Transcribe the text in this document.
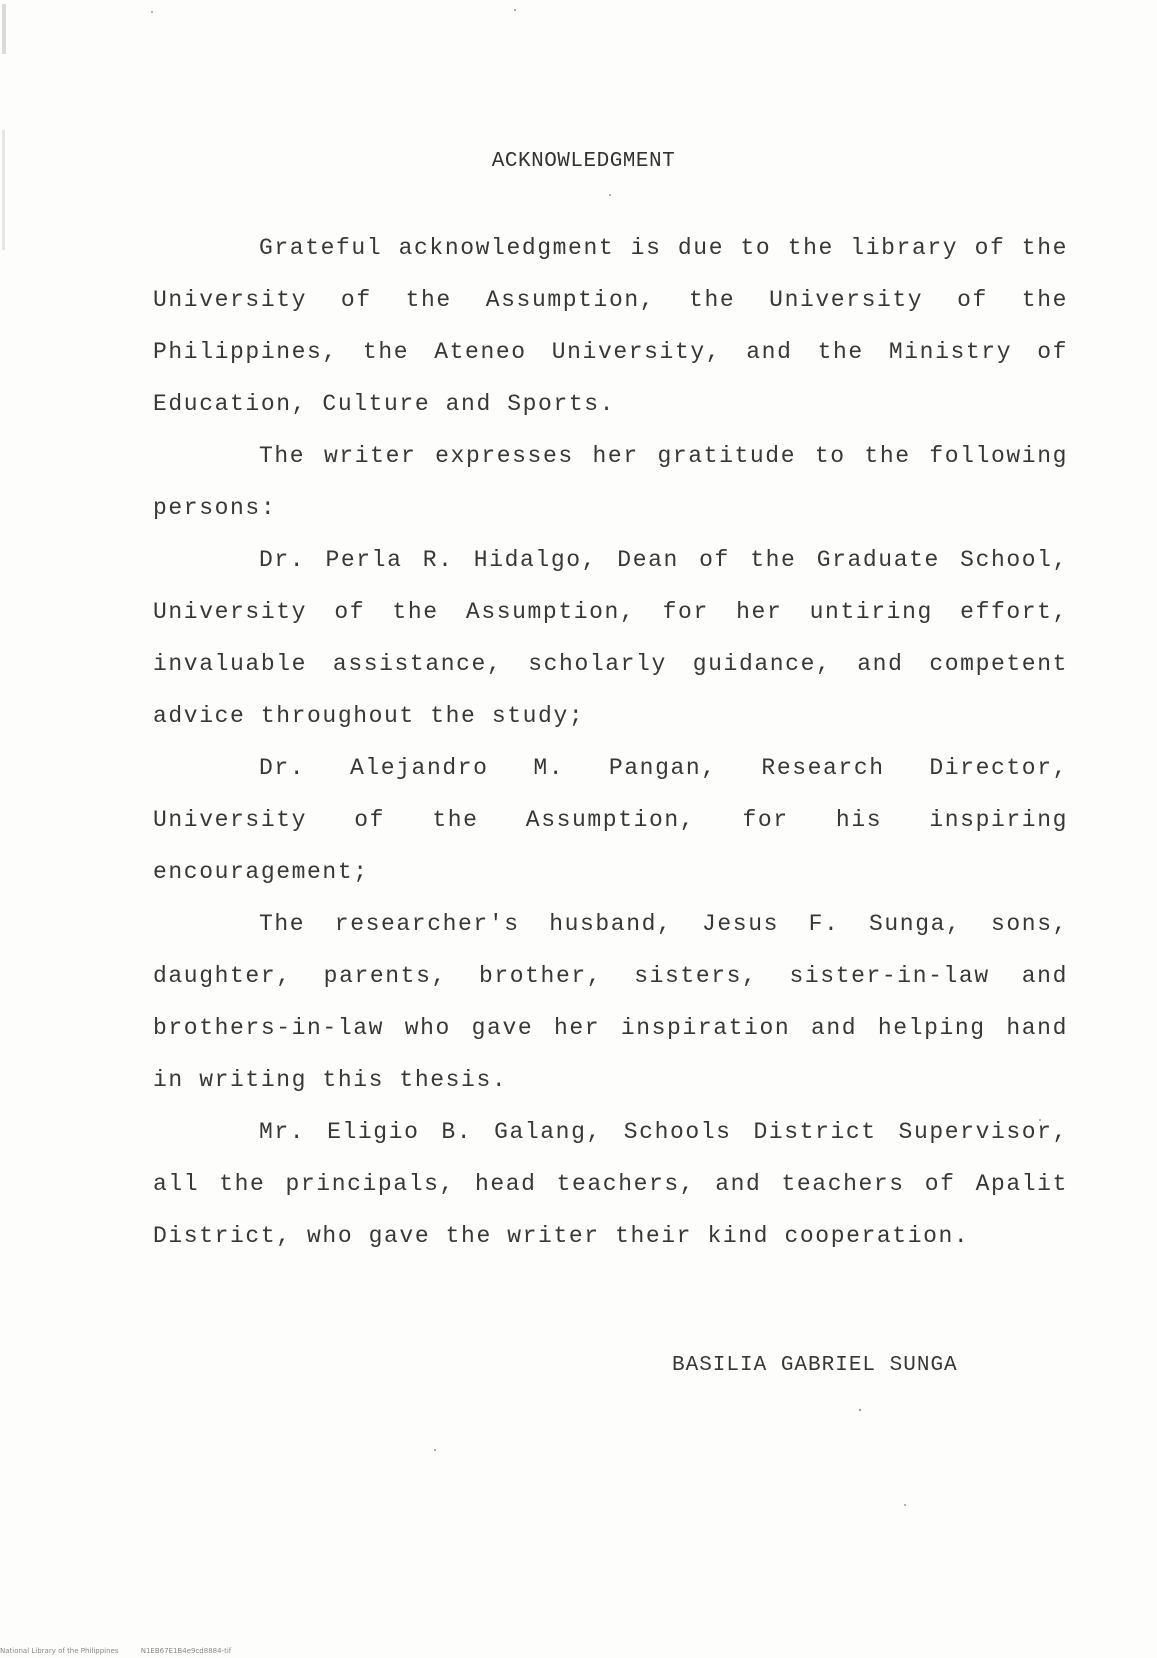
ACKNOWLEDGMENT

Grateful acknowledgment is due to the library of the University of the Assumption, the University of the Philippines, the Ateneo University, and the Ministry of Education, Culture and Sports.

The writer expresses her gratitude to the following persons:

Dr. Perla R. Hidalgo, Dean of the Graduate School, University of the Assumption, for her untiring effort, invaluable assistance, scholarly guidance, and competent advice throughout the study;

Dr. Alejandro M. Pangan, Research Director, University of the Assumption, for his inspiring encouragement;

The researcher's husband, Jesus F. Sunga, sons, daughter, parents, brother, sisters, sister-in-law and brothers-in-law who gave her inspiration and helping hand in writing this thesis.

Mr. Eligio B. Galang, Schools District Supervisor, all the principals, head teachers, and teachers of Apalit District, who gave the writer their kind cooperation.

BASILIA GABRIEL SUNGA
National Library of the Philippines	N1EB67E1B4e9cd8884-tif
